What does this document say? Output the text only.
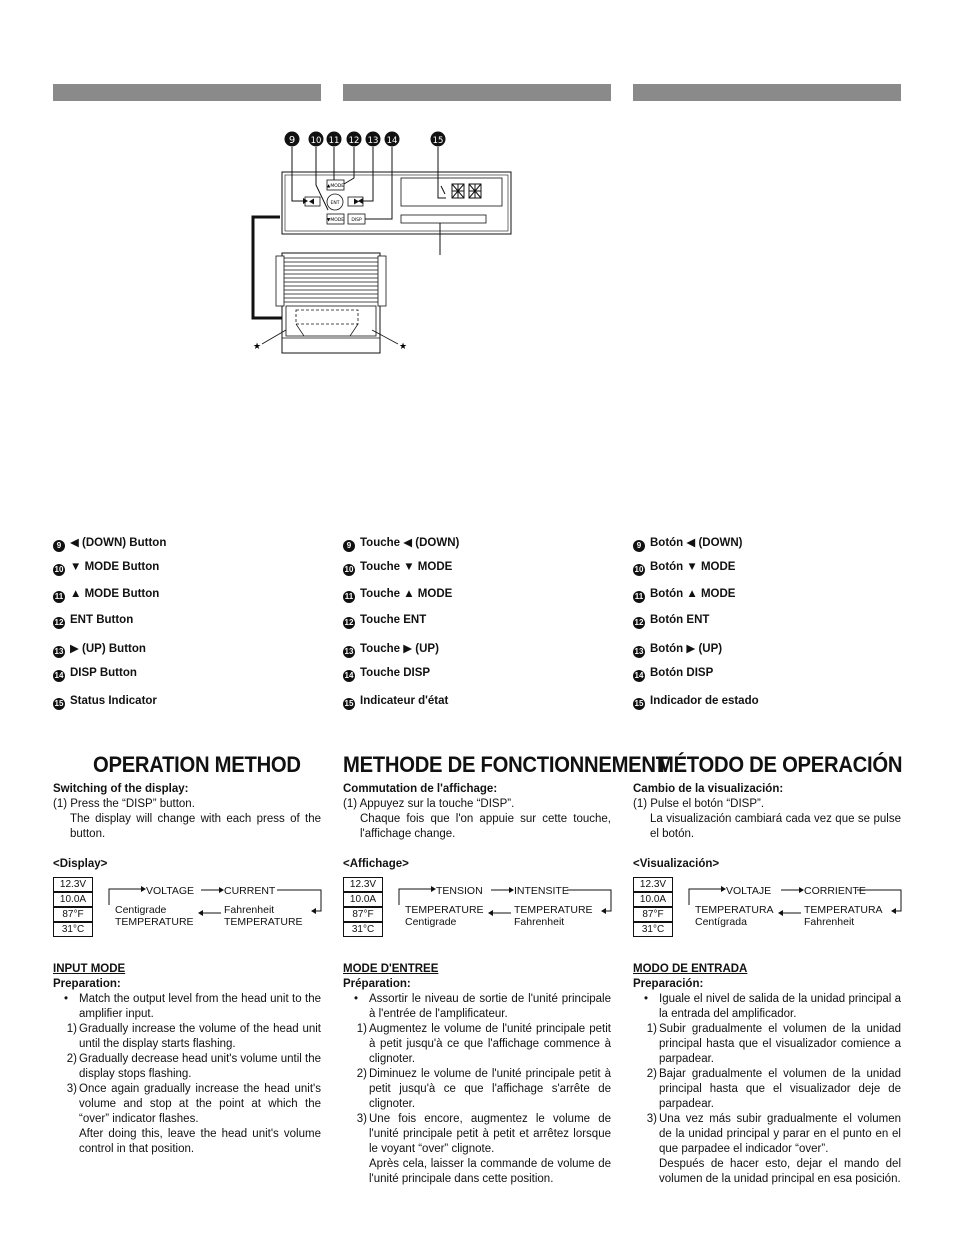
9 10 11 12 13 14	15
▲MODE
ENT
▼MODE DISP
★	★
9 ◀ (DOWN) Button
10 ▼ MODE Button
11 ▲ MODE Button
12 ENT Button
13 ▶ (UP) Button
14 DISP Button
15 Status Indicator
OPERATION METHOD
Switching of the display:
(1) Press the “DISP” button.
The display will change with each press of the button.
<Display>
12.3V
10.0A
87°F
31°C
VOLTAGE	CURRENT
Centigrade
TEMPERATURE
Fahrenheit
TEMPERATURE
INPUT MODE
Preparation:
• Match the output level from the head unit to the amplifier input.
1) Gradually increase the volume of the head unit until the display starts flashing.
2) Gradually decrease head unit's volume until the display stops flashing.
3) Once again gradually increase the head unit's volume and stop at the point at which the “over” indicator flashes.
After doing this, leave the head unit's volume control in that position.
9 Touche ◀ (DOWN)
10 Touche ▼ MODE
11 Touche ▲ MODE
12 Touche ENT
13 Touche ▶ (UP)
14 Touche DISP
15 Indicateur d'état
METHODE DE FONCTIONNEMENT
Commutation de l'affichage:
(1) Appuyez sur la touche “DISP”.
Chaque fois que l'on appuie sur cette touche, l'affichage change.
<Affichage>
12.3V
10.0A
87°F
31°C
TENSION	INTENSITE
TEMPERATURE
Centigrade
TEMPERATURE
Fahrenheit
MODE D'ENTREE
Préparation:
• Assortir le niveau de sortie de l'unité principale à l'entrée de l'amplificateur.
1) Augmentez le volume de l'unité principale petit à petit jusqu'à ce que l'affichage commence à clignoter.
2) Diminuez le volume de l'unité principale petit à petit jusqu'à ce que l'affichage s'arrête de clignoter.
3) Une fois encore, augmentez le volume de l'unité principale petit à petit et arrêtez lorsque le voyant “over” clignote.
Après cela, laisser la commande de volume de l'unité principale dans cette position.
9 Botón ◀ (DOWN)
10 Botón ▼ MODE
11 Botón ▲ MODE
12 Botón ENT
13 Botón ▶ (UP)
14 Botón DISP
15 Indicador de estado
MÉTODO DE OPERACIÓN
Cambio de la visualización:
(1) Pulse el botón “DISP”.
La visualización cambiará cada vez que se pulse el botón.
<Visualización>
12.3V
10.0A
87°F
31°C
VOLTAJE	CORRIENTE
TEMPERATURA
Centígrada
TEMPERATURA
Fahrenheit
MODO DE ENTRADA
Preparación:
• Iguale el nivel de salida de la unidad principal a la entrada del amplificador.
1) Subir gradualmente el volumen de la unidad principal hasta que el visualizador comience a parpadear.
2) Bajar gradualmente el volumen de la unidad principal hasta que el visualizador deje de parpadear.
3) Una vez más subir gradualmente el volumen de la unidad principal y parar en el punto en el que parpadee el indicador “over”.
Después de hacer esto, dejar el mando del volumen de la unidad principal en esa posición.
